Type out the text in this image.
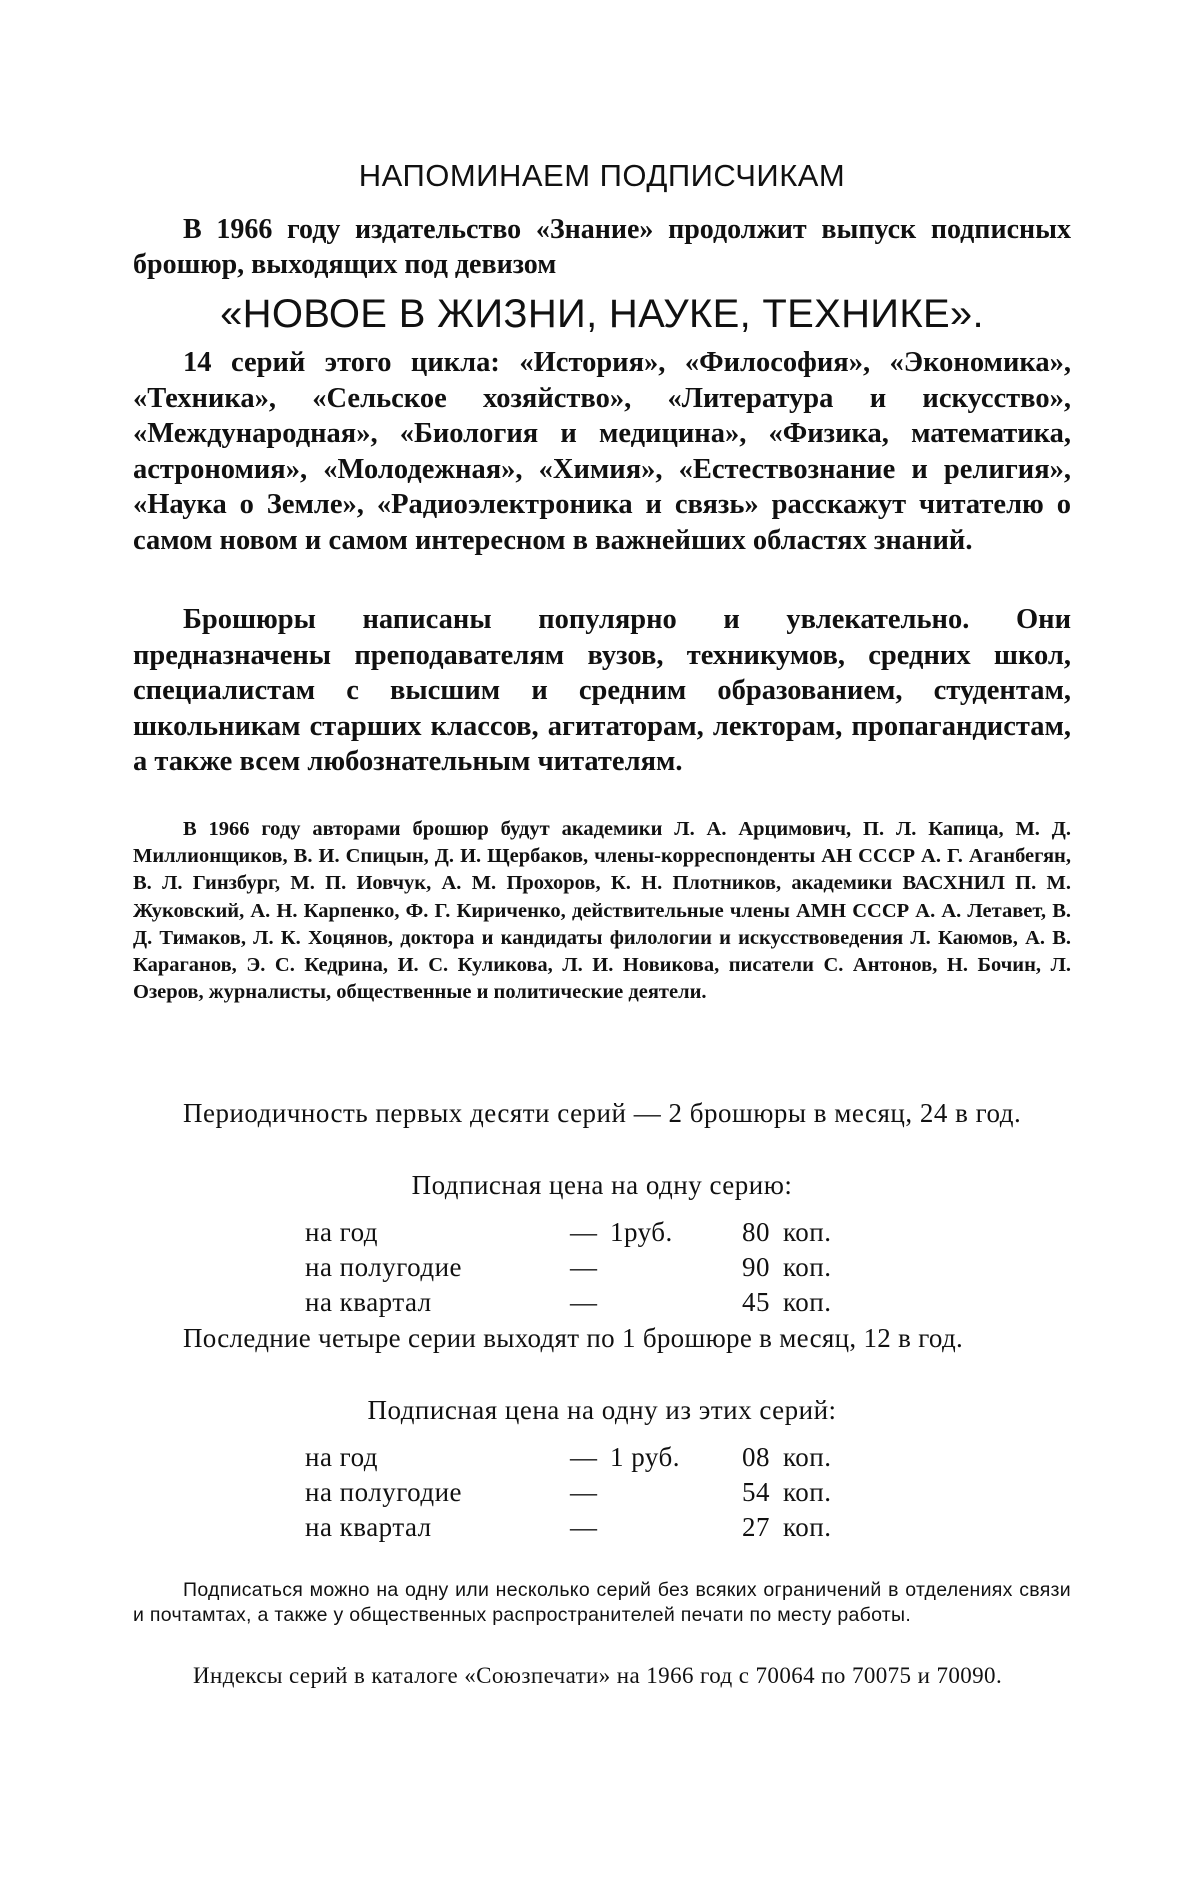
НАПОМИНАЕМ ПОДПИСЧИКАМ

В 1966 году издательство «Знание» продолжит выпуск подписных брошюр, выходящих под девизом

«НОВОЕ В ЖИЗНИ, НАУКЕ, ТЕХНИКЕ».

14 серий этого цикла: «История», «Философия», «Экономика», «Техника», «Сельское хозяйство», «Литература и искусство», «Международная», «Биология и медицина», «Физика, математика, астрономия», «Молодежная», «Химия», «Естествознание и религия», «Наука о Земле», «Радиоэлектроника и связь» расскажут читателю о самом новом и самом интересном в важнейших областях знаний.

Брошюры написаны популярно и увлекательно. Они предназначены преподавателям вузов, техникумов, средних школ, специалистам с высшим и средним образованием, студентам, школьникам старших классов, агитаторам, лекторам, пропагандистам, а также всем любознательным читателям.

В 1966 году авторами брошюр будут академики Л. А. Арцимович, П. Л. Капица, М. Д. Миллионщиков, В. И. Спицын, Д. И. Щербаков, члены-корреспонденты АН СССР А. Г. Аганбегян, В. Л. Гинзбург, М. П. Иовчук, А. М. Прохоров, К. Н. Плотников, академики ВАСХНИЛ П. М. Жуковский, А. Н. Карпенко, Ф. Г. Кириченко, действительные члены АМН СССР А. А. Летавет, В. Д. Тимаков, Л. К. Хоцянов, доктора и кандидаты филологии и искусствоведения Л. Каюмов, А. В. Караганов, Э. С. Кедрина, И. С. Куликова, Л. И. Новикова, писатели С. Антонов, Н. Бочин, Л. Озеров, журналисты, общественные и политические деятели.

Периодичность первых десяти серий — 2 брошюры в месяц, 24 в год.

Подписная цена на одну серию:
на год	— 1руб.	80 коп.
на полугодие	—	90 коп.
на квартал	—	45 коп.

Последние четыре серии выходят по 1 брошюре в месяц, 12 в год.

Подписная цена на одну из этих серий:
на год	— 1 руб.	08 коп.
на полугодие	—	54 коп.
на квартал	—	27 коп.

Подписаться можно на одну или несколько серий без всяких ограничений в отделениях связи и почтамтах, а также у общественных распространителей печати по месту работы.

Индексы серий в каталоге «Союзпечати» на 1966 год с 70064 по 70075 и 70090.
